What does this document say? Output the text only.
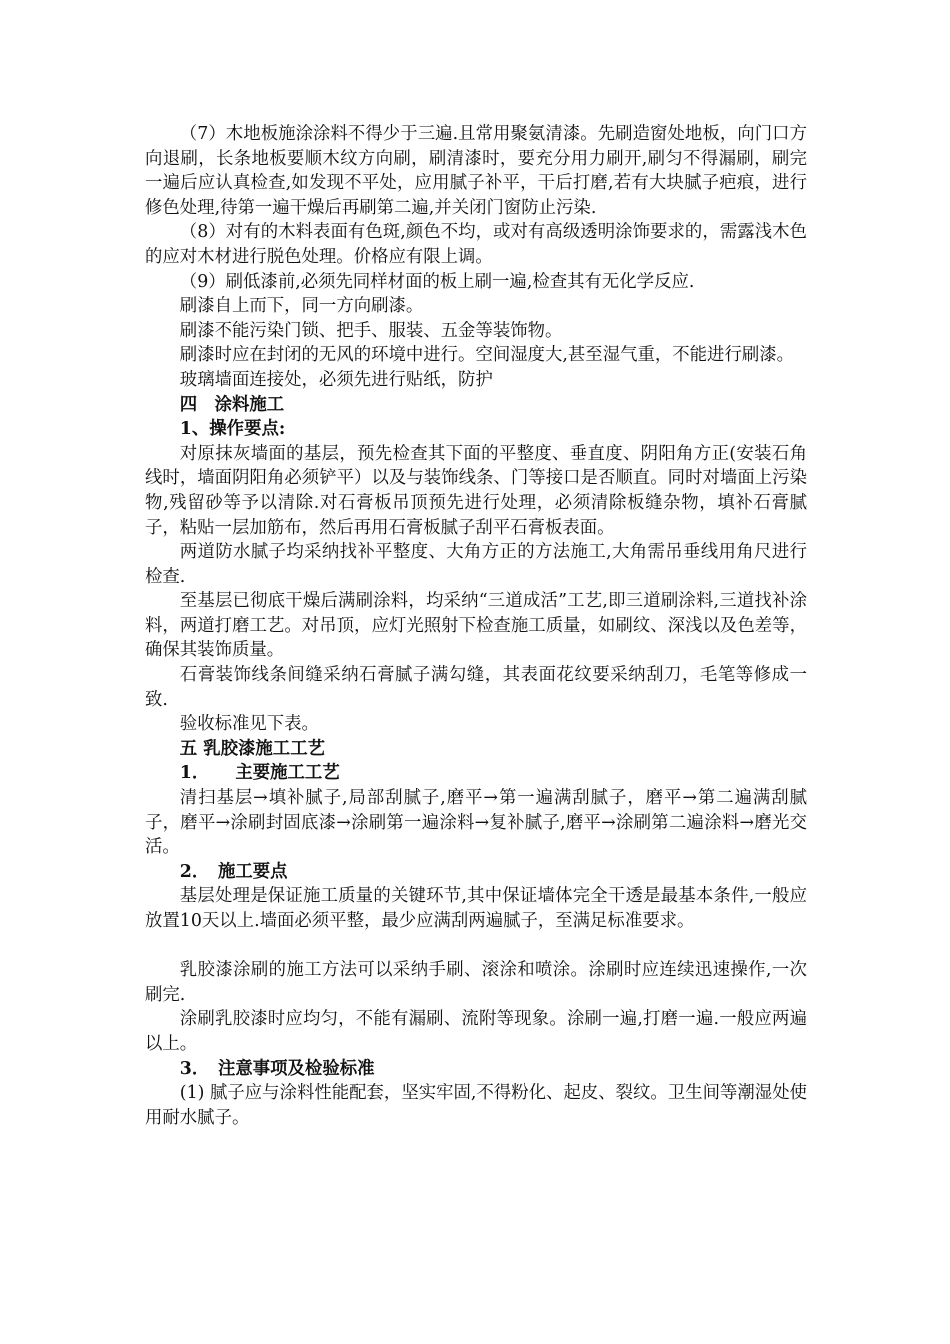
（7）木地板施涂涂料不得少于三遍.且常用聚氨清漆。先刷造窗处地板，向门口方向退刷，长条地板要顺木纹方向刷，刷清漆时，要充分用力刷开,刷匀不得漏刷，刷完一遍后应认真检查,如发现不平处，应用腻子补平，干后打磨,若有大块腻子疤痕，进行修色处理,待第一遍干燥后再刷第二遍,并关闭门窗防止污染.

（8）对有的木料表面有色斑,颜色不均，或对有高级透明涂饰要求的，需露浅木色的应对木材进行脱色处理。价格应有限上调。

（9）刷低漆前,必须先同样材面的板上刷一遍,检查其有无化学反应.

刷漆自上而下，同一方向刷漆。

刷漆不能污染门锁、把手、服装、五金等装饰物。

刷漆时应在封闭的无风的环境中进行。空间湿度大,甚至湿气重，不能进行刷漆。

玻璃墙面连接处，必须先进行贴纸，防护

四　涂料施工

1、操作要点:

对原抹灰墙面的基层，预先检查其下面的平整度、垂直度、阴阳角方正(安装石角线时，墙面阴阳角必须铲平）以及与装饰线条、门等接口是否顺直。同时对墙面上污染物,残留砂等予以清除.对石膏板吊顶预先进行处理，必须清除板缝杂物，填补石膏腻子，粘贴一层加筋布，然后再用石膏板腻子刮平石膏板表面。

两道防水腻子均采纳找补平整度、大角方正的方法施工,大角需吊垂线用角尺进行检查.

至基层已彻底干燥后满刷涂料，均采纳“三道成活”工艺,即三道刷涂料,三道找补涂料，两道打磨工艺。对吊顶，应灯光照射下检查施工质量，如刷纹、深浅以及色差等，确保其装饰质量。

石膏装饰线条间缝采纳石膏腻子满勾缝，其表面花纹要采纳刮刀，毛笔等修成一致.

验收标准见下表。

五 乳胶漆施工工艺

1．　　主要施工工艺

清扫基层→填补腻子,局部刮腻子,磨平→第一遍满刮腻子，磨平→第二遍满刮腻子，磨平→涂刷封固底漆→涂刷第一遍涂料→复补腻子,磨平→涂刷第二遍涂料→磨光交活。

2．　施工要点

基层处理是保证施工质量的关键环节,其中保证墙体完全干透是最基本条件,一般应放置10天以上.墙面必须平整，最少应满刮两遍腻子，至满足标准要求。

乳胶漆涂刷的施工方法可以采纳手刷、滚涂和喷涂。涂刷时应连续迅速操作,一次刷完.

涂刷乳胶漆时应均匀，不能有漏刷、流附等现象。涂刷一遍,打磨一遍.一般应两遍以上。

3．　注意事项及检验标准

(1) 腻子应与涂料性能配套，坚实牢固,不得粉化、起皮、裂纹。卫生间等潮湿处使用耐水腻子。
